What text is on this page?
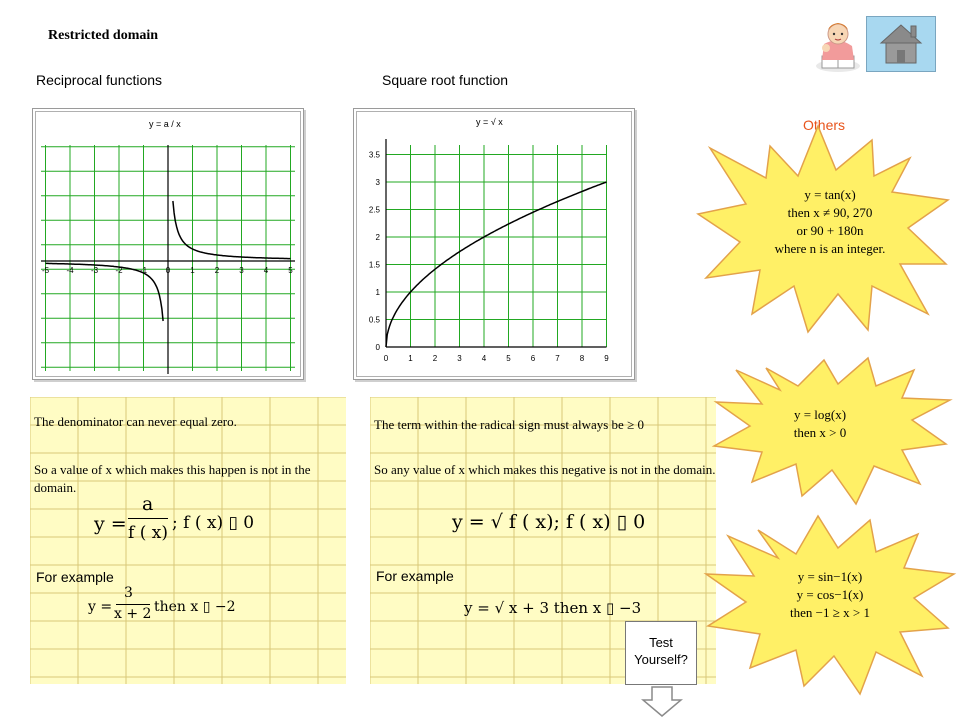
Restricted domain
Reciprocal functions	Square root function
Others
-5 -4 -3 -2 -1 0	1	2	3	4	5
y = a / x
0	1	2	3	4	5	6	7	8	9
0
0.5
1
1.5
2
2.5
3
3.5
y = √ x

The denominator can never equal zero.

So a value of x which makes this happen is not in the domain.

y =
a
f ( x) ; f ( x) ▯ 0
For example
y =
3
x + 2 then x ▯ −2

The term within the radical sign must always be ≥ 0

So any value of x which makes this negative is not in the domain.

y = √ f ( x); f ( x) ▯ 0
For example
y = √ x + 3 then x ▯ −3
y = tan(x)
then x ≠ 90, 270
or 90 + 180n
where n is an integer.
y = log(x)
then x > 0
y = sin−1(x)
y = cos−1(x)
then −1 ≥ x > 1
Test
Yourself?
